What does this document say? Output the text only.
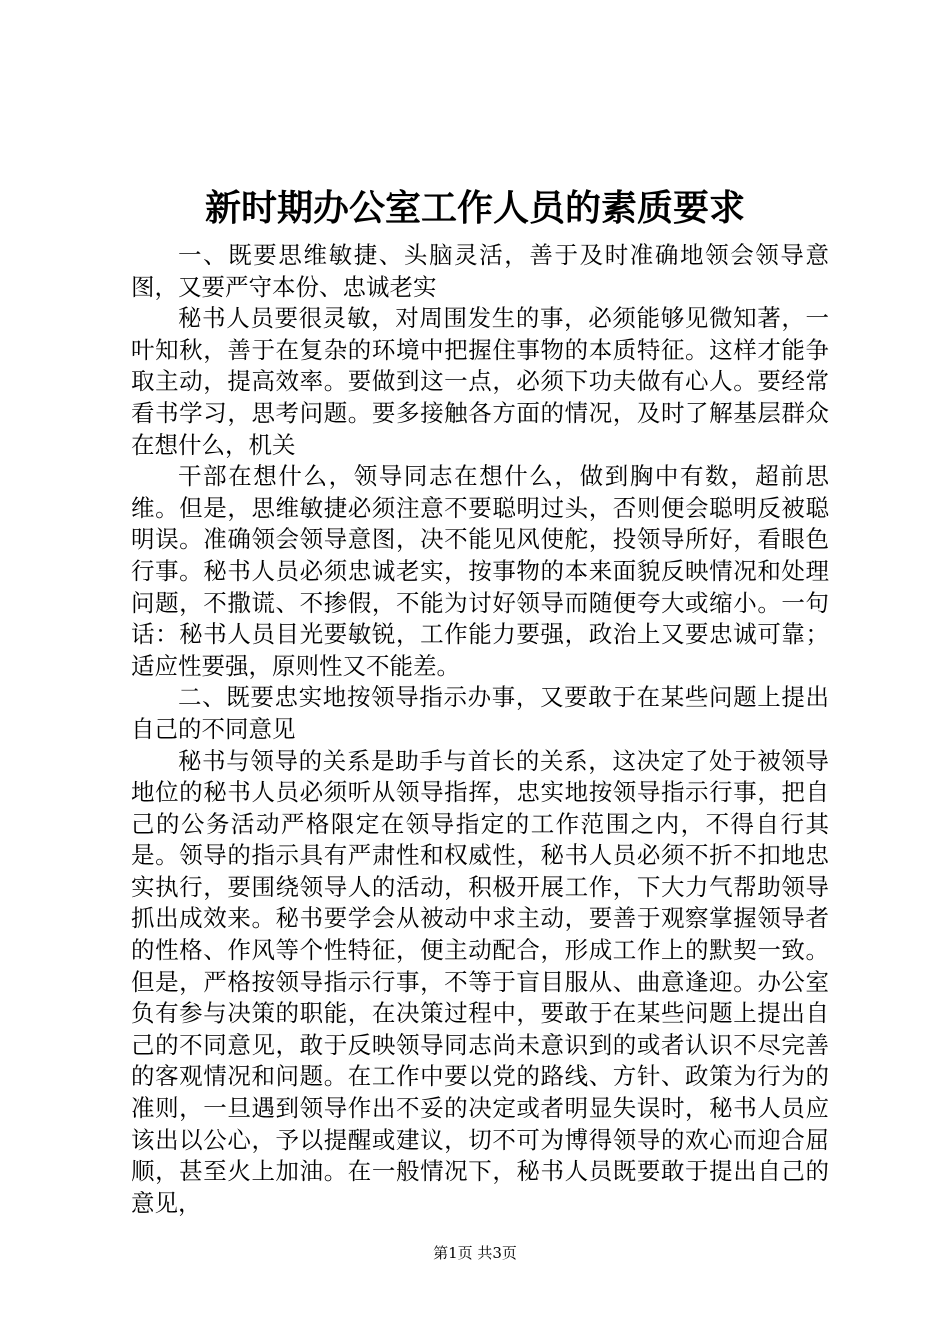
新时期办公室工作人员的素质要求

一、既要思维敏捷、头脑灵活，善于及时准确地领会领导意图，又要严守本份、忠诚老实

秘书人员要很灵敏，对周围发生的事，必须能够见微知著，一叶知秋，善于在复杂的环境中把握住事物的本质特征。这样才能争取主动，提高效率。要做到这一点，必须下功夫做有心人。要经常看书学习，思考问题。要多接触各方面的情况，及时了解基层群众在想什么，机关

干部在想什么，领导同志在想什么，做到胸中有数，超前思维。但是，思维敏捷必须注意不要聪明过头，否则便会聪明反被聪明误。准确领会领导意图，决不能见风使舵，投领导所好，看眼色行事。秘书人员必须忠诚老实，按事物的本来面貌反映情况和处理问题，不撒谎、不掺假，不能为讨好领导而随便夸大或缩小。一句话：秘书人员目光要敏锐，工作能力要强，政治上又要忠诚可靠；适应性要强，原则性又不能差。

二、既要忠实地按领导指示办事，又要敢于在某些问题上提出自己的不同意见

秘书与领导的关系是助手与首长的关系，这决定了处于被领导地位的秘书人员必须听从领导指挥，忠实地按领导指示行事，把自己的公务活动严格限定在领导指定的工作范围之内，不得自行其是。领导的指示具有严肃性和权威性，秘书人员必须不折不扣地忠实执行，要围绕领导人的活动，积极开展工作，下大力气帮助领导抓出成效来。秘书要学会从被动中求主动，要善于观察掌握领导者的性格、作风等个性特征，便主动配合，形成工作上的默契一致。但是，严格按领导指示行事，不等于盲目服从、曲意逢迎。办公室负有参与决策的职能，在决策过程中，要敢于在某些问题上提出自己的不同意见，敢于反映领导同志尚未意识到的或者认识不尽完善的客观情况和问题。在工作中要以党的路线、方针、政策为行为的准则，一旦遇到领导作出不妥的决定或者明显失误时，秘书人员应该出以公心，予以提醒或建议，切不可为博得领导的欢心而迎合屈顺，甚至火上加油。在一般情况下，秘书人员既要敢于提出自己的意见，

第1页 共3页
